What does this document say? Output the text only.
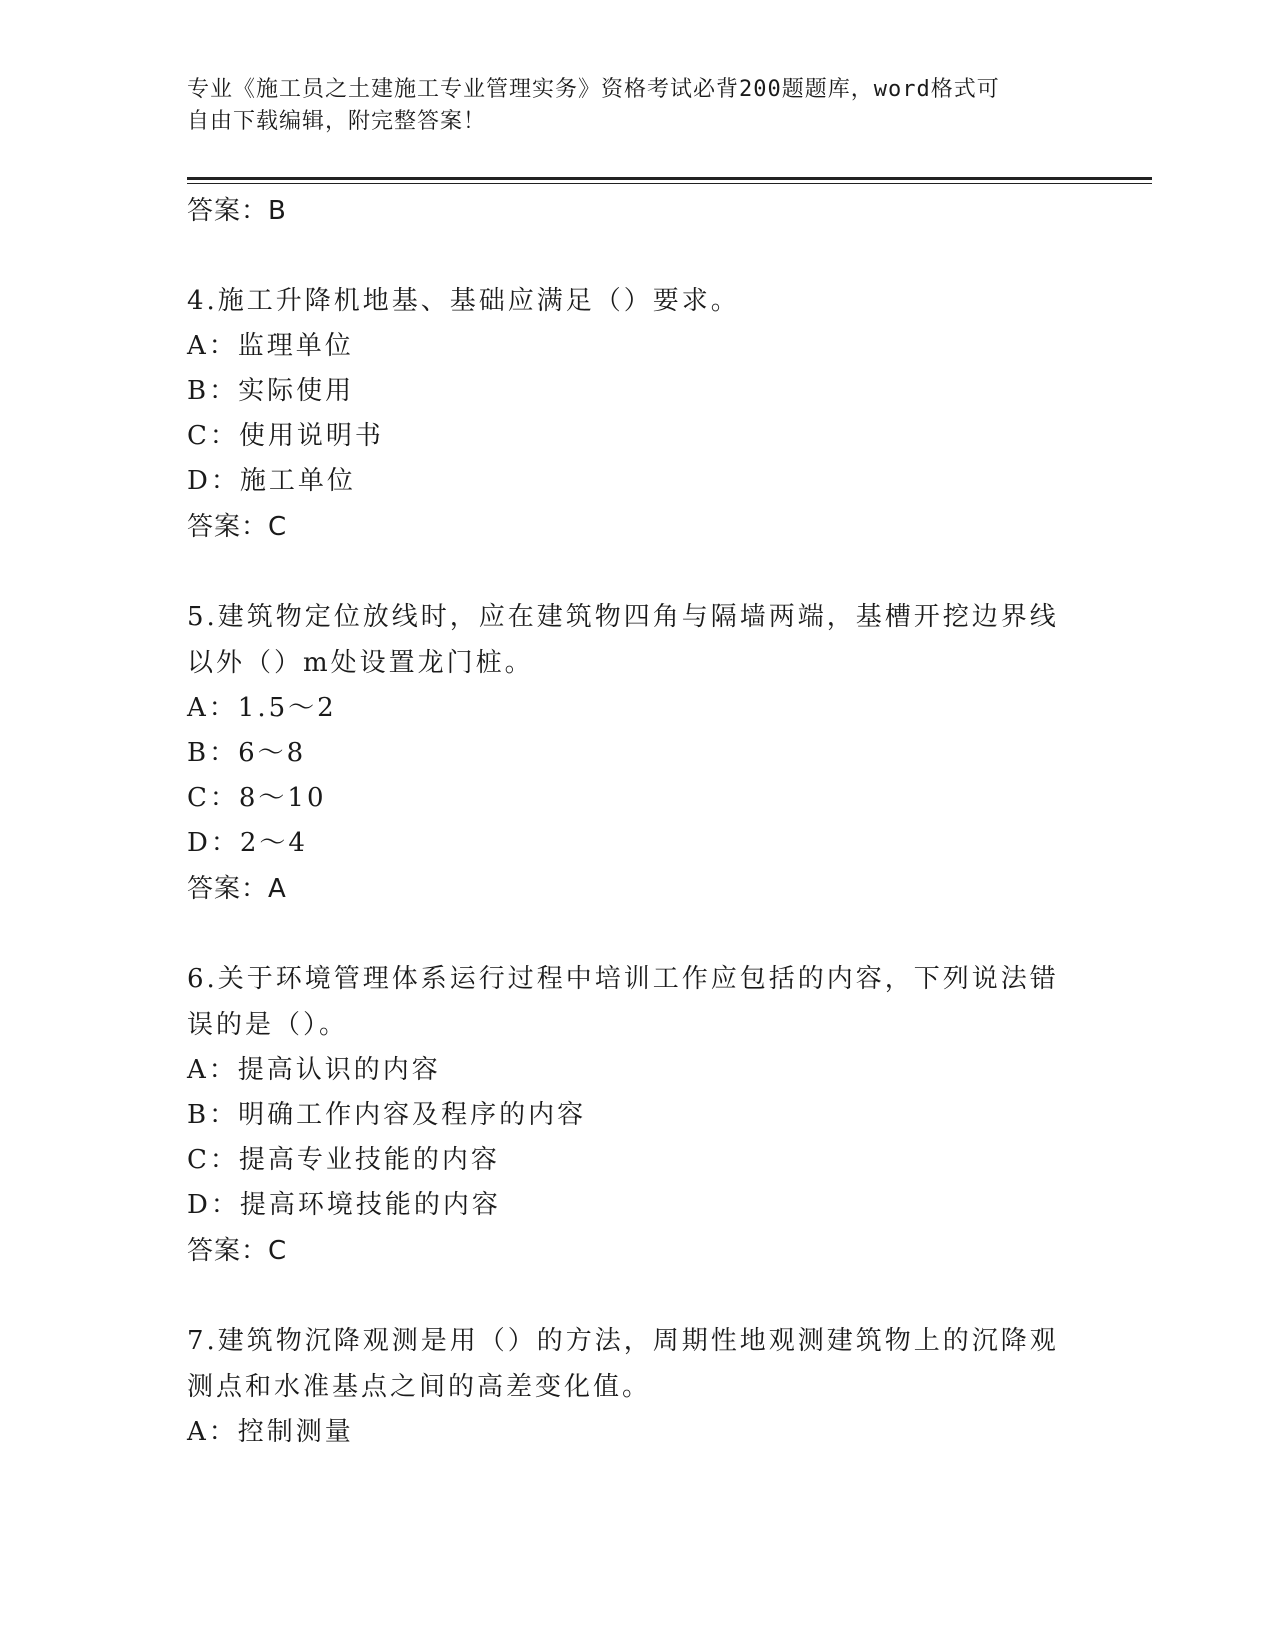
专业《施工员之土建施工专业管理实务》资格考试必背200题题库，word格式可
自由下载编辑，附完整答案！
答案：B

4.施工升降机地基、基础应满足（）要求。

A：监理单位
B：实际使用
C：使用说明书
D：施工单位
答案：C

5.建筑物定位放线时，应在建筑物四角与隔墙两端，基槽开挖边界线

以外（）m处设置龙门桩。

A：1.5～2
B：6～8
C：8～10
D：2～4
答案：A

6.关于环境管理体系运行过程中培训工作应包括的内容，下列说法错

误的是（）。

A：提高认识的内容
B：明确工作内容及程序的内容
C：提高专业技能的内容
D：提高环境技能的内容
答案：C

7.建筑物沉降观测是用（）的方法，周期性地观测建筑物上的沉降观

测点和水准基点之间的高差变化值。

A：控制测量
